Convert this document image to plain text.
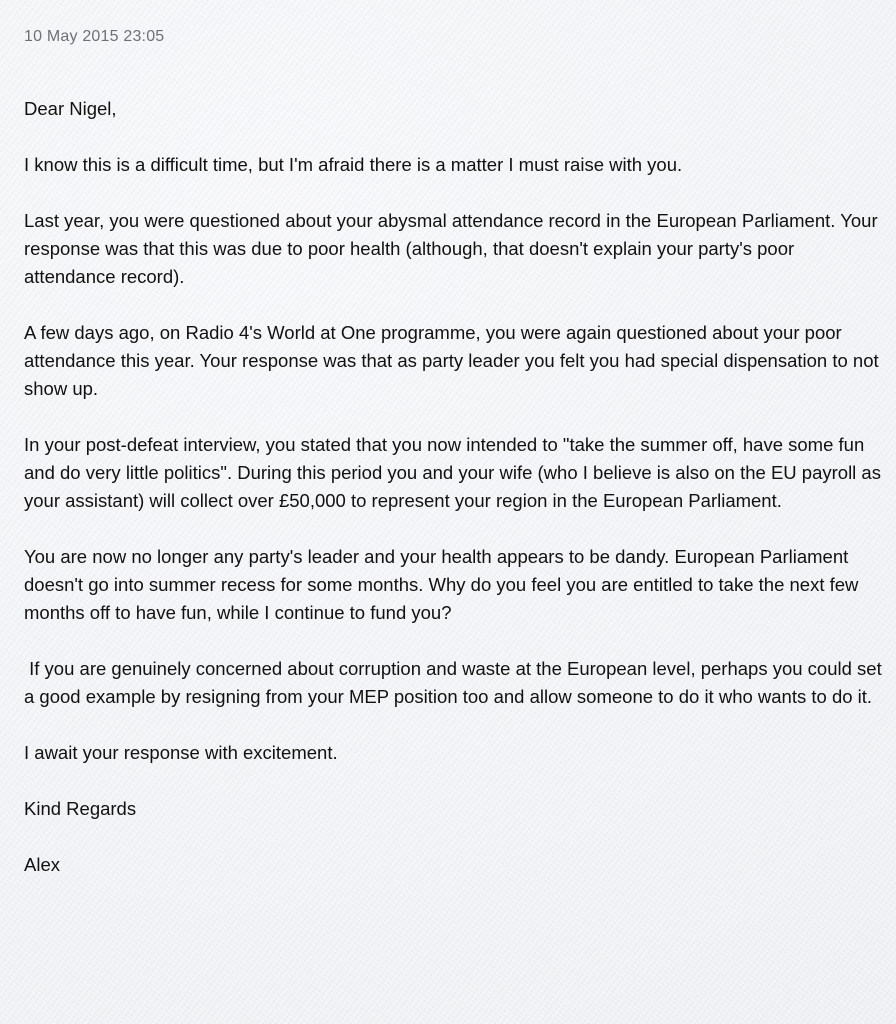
10 May 2015 23:05

Dear Nigel,

I know this is a difficult time, but I'm afraid there is a matter I must raise with you.

Last year, you were questioned about your abysmal attendance record in the European Parliament. Your response was that this was due to poor health (although, that doesn't explain your party's poor attendance record).

A few days ago, on Radio 4's World at One programme, you were again questioned about your poor attendance this year. Your response was that as party leader you felt you had special dispensation to not show up.

In your post-defeat interview, you stated that you now intended to "take the summer off, have some fun and do very little politics". During this period you and your wife (who I believe is also on the EU payroll as your assistant) will collect over £50,000 to represent your region in the European Parliament.

You are now no longer any party's leader and your health appears to be dandy. European Parliament doesn't go into summer recess for some months. Why do you feel you are entitled to take the next few months off to have fun, while I continue to fund you?

If you are genuinely concerned about corruption and waste at the European level, perhaps you could set a good example by resigning from your MEP position too and allow someone to do it who wants to do it.

I await your response with excitement.

Kind Regards

Alex
